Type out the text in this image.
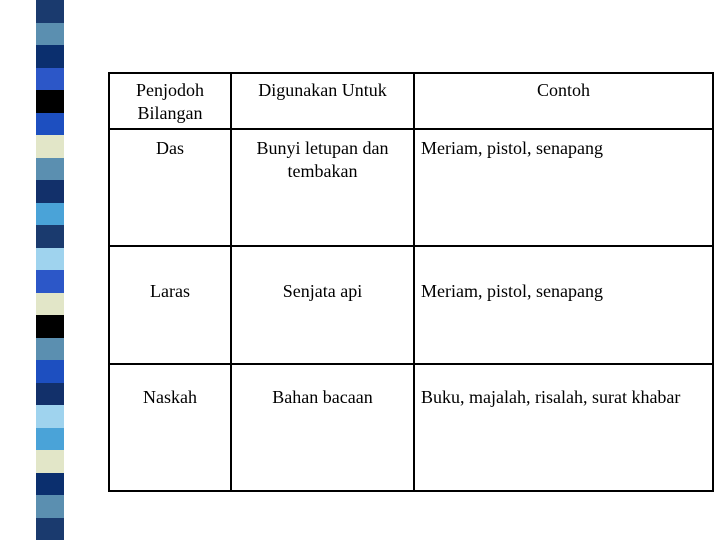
Penjodoh Bilangan	Digunakan Untuk	Contoh
Das	Bunyi letupan dan tembakan	Meriam, pistol, senapang
Laras	Senjata api	Meriam, pistol, senapang
Naskah	Bahan bacaan	Buku, majalah, risalah, surat khabar
